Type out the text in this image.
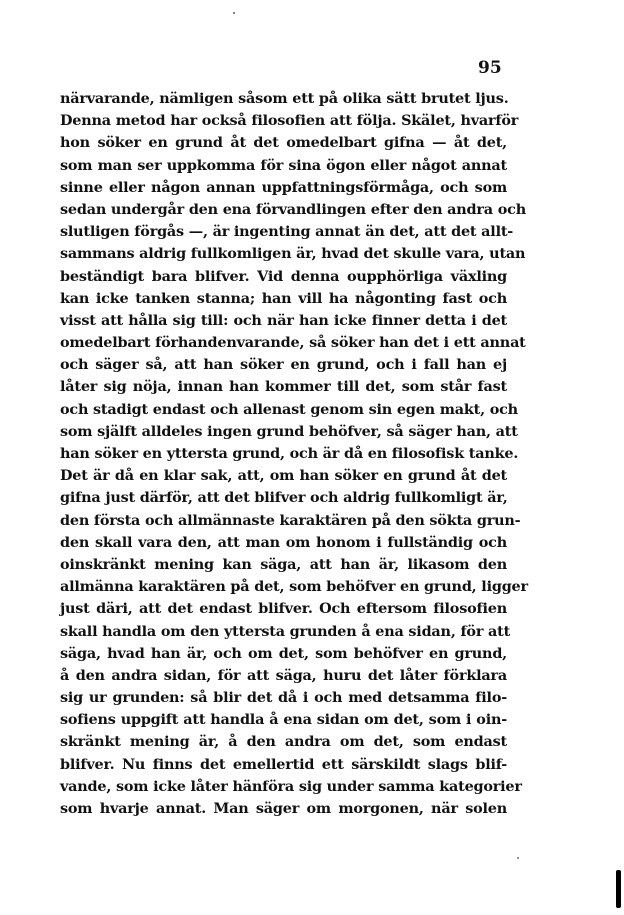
95
närvarande, nämligen såsom ett på olika sätt brutet ljus.
Denna metod har också filosofien att följa. Skälet, hvarför
hon söker en grund åt det omedelbart gifna — åt det,
som man ser uppkomma för sina ögon eller något annat
sinne eller någon annan uppfattningsförmåga, och som
sedan undergår den ena förvandlingen efter den andra och
slutligen förgås —, är ingenting annat än det, att det allt-
sammans aldrig fullkomligen är, hvad det skulle vara, utan
beständigt bara blifver. Vid denna oupphörliga växling
kan icke tanken stanna; han vill ha någonting fast och
visst att hålla sig till: och när han icke finner detta i det
omedelbart förhandenvarande, så söker han det i ett annat
och säger så, att han söker en grund, och i fall han ej
låter sig nöja, innan han kommer till det, som står fast
och stadigt endast och allenast genom sin egen makt, och
som själft alldeles ingen grund behöfver, så säger han, att
han söker en yttersta grund, och är då en filosofisk tanke.
Det är då en klar sak, att, om han söker en grund åt det
gifna just därför, att det blifver och aldrig fullkomligt är,
den första och allmännaste karaktären på den sökta grun-
den skall vara den, att man om honom i fullständig och
oinskränkt mening kan säga, att han är, likasom den
allmänna karaktären på det, som behöfver en grund, ligger
just däri, att det endast blifver. Och eftersom filosofien
skall handla om den yttersta grunden å ena sidan, för att
säga, hvad han är, och om det, som behöfver en grund,
å den andra sidan, för att säga, huru det låter förklara
sig ur grunden: så blir det då i och med detsamma filo-
sofiens uppgift att handla å ena sidan om det, som i oin-
skränkt mening är, å den andra om det, som endast
blifver. Nu finns det emellertid ett särskildt slags blif-
vande, som icke låter hänföra sig under samma kategorier
som hvarje annat. Man säger om morgonen, när solen
